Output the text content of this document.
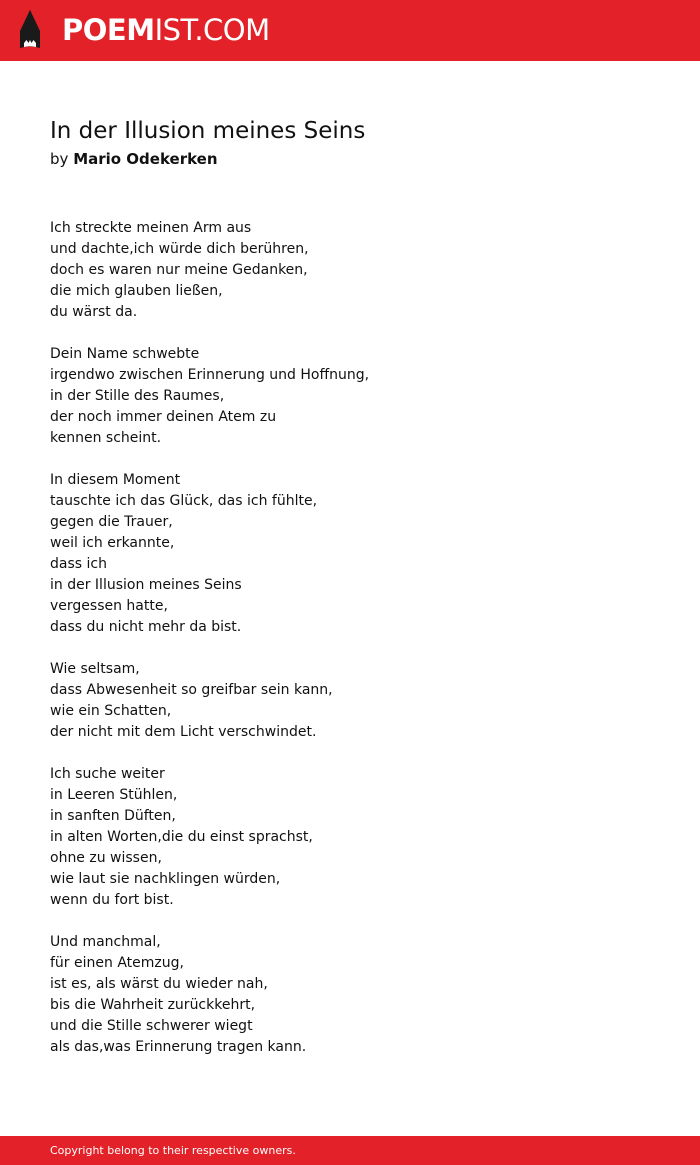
POEMIST.COM
In der Illusion meines Seins
by Mario Odekerken
Ich streckte meinen Arm aus
und dachte,ich würde dich berühren,
doch es waren nur meine Gedanken,
die mich glauben ließen,
du wärst da.
Dein Name schwebte
irgendwo zwischen Erinnerung und Hoffnung,
in der Stille des Raumes,
der noch immer deinen Atem zu
kennen scheint.
In diesem Moment
tauschte ich das Glück, das ich fühlte,
gegen die Trauer,
weil ich erkannte,
dass ich
in der Illusion meines Seins
vergessen hatte,
dass du nicht mehr da bist.
Wie seltsam,
dass Abwesenheit so greifbar sein kann,
wie ein Schatten,
der nicht mit dem Licht verschwindet.
Ich suche weiter
in Leeren Stühlen,
in sanften Düften,
in alten Worten,die du einst sprachst,
ohne zu wissen,
wie laut sie nachklingen würden,
wenn du fort bist.
Und manchmal,
für einen Atemzug,
ist es, als wärst du wieder nah,
bis die Wahrheit zurückkehrt,
und die Stille schwerer wiegt
als das,was Erinnerung tragen kann.
Copyright belong to their respective owners.
